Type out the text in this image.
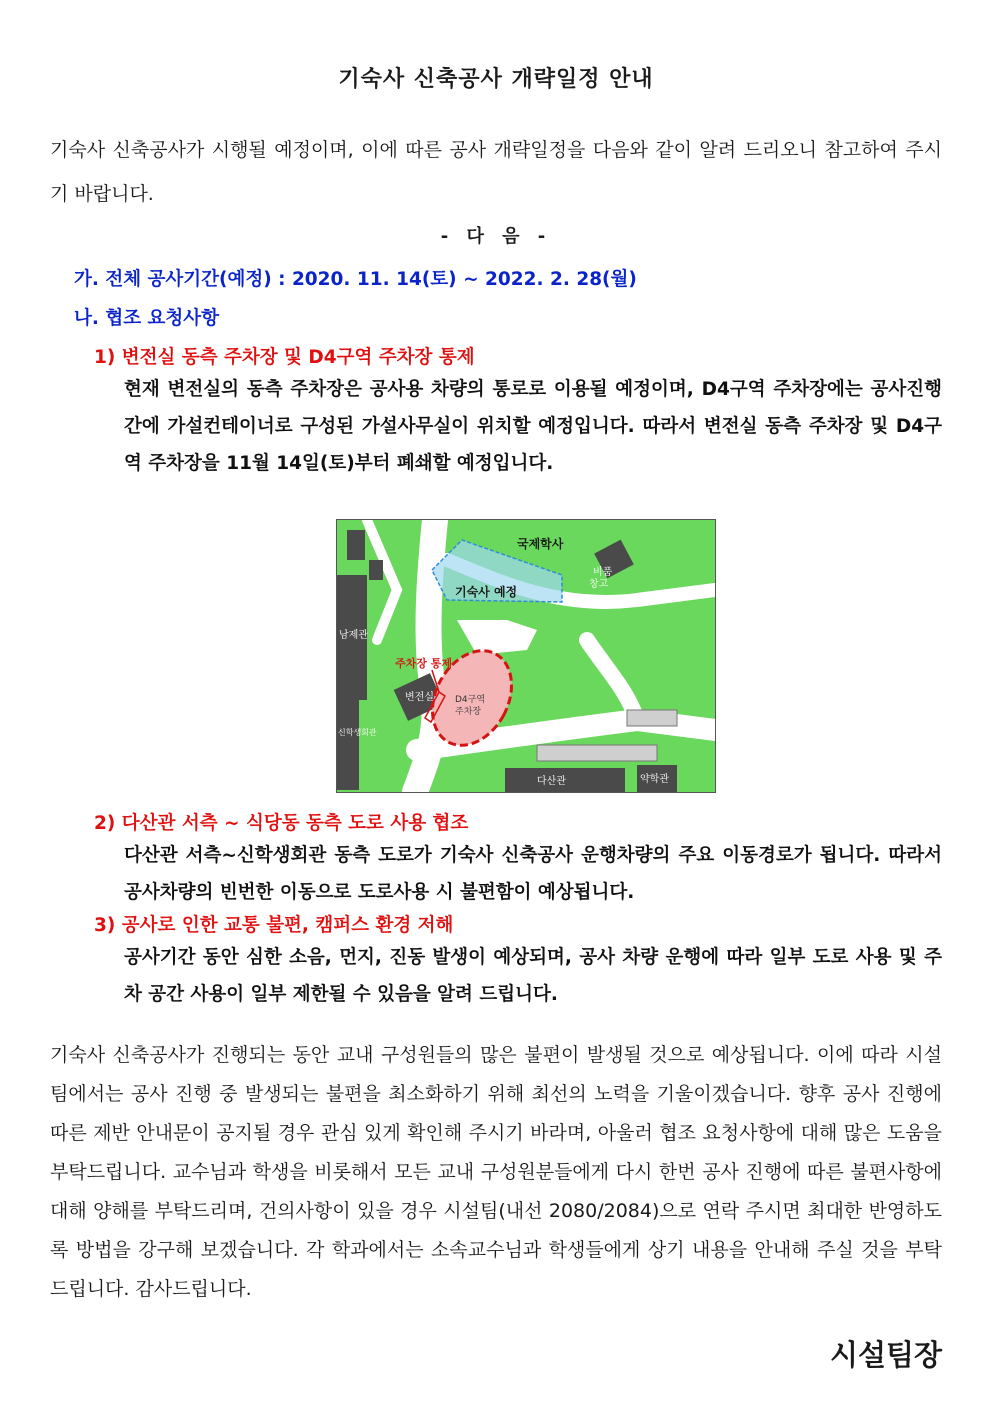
기숙사 신축공사 개략일정 안내
기숙사 신축공사가 시행될 예정이며, 이에 따른 공사 개략일정을 다음와 같이 알려 드리오니 참고하여 주시기 바랍니다.
- 다 음 -
가. 전체 공사기간(예정) : 2020. 11. 14(토) ~ 2022. 2. 28(월)
나. 협조 요청사항
1) 변전실 동측 주차장 및 D4구역 주차장 통제
현재 변전실의 동측 주차장은 공사용 차량의 통로로 이용될 예정이며, D4구역 주차장에는 공사진행 간에 가설컨테이너로 구성된 가설사무실이 위치할 예정입니다. 따라서 변전실 동측 주차장 및 D4구역 주차장을 11월 14일(토)부터 폐쇄할 예정입니다.
국제학사
기숙사 예정
비품
창고
남제관
주차장 통제
변전실 D4구역
주차장
신학생회관
다산관	약학관
2) 다산관 서측 ~ 식당동 동측 도로 사용 협조
다산관 서측~신학생회관 동측 도로가 기숙사 신축공사 운행차량의 주요 이동경로가 됩니다. 따라서 공사차량의 빈번한 이동으로 도로사용 시 불편함이 예상됩니다.
3) 공사로 인한 교통 불편, 캠퍼스 환경 저해
공사기간 동안 심한 소음, 먼지, 진동 발생이 예상되며, 공사 차량 운행에 따라 일부 도로 사용 및 주차 공간 사용이 일부 제한될 수 있음을 알려 드립니다.
기숙사 신축공사가 진행되는 동안 교내 구성원들의 많은 불편이 발생될 것으로 예상됩니다. 이에 따라 시설팀에서는 공사 진행 중 발생되는 불편을 최소화하기 위해 최선의 노력을 기울이겠습니다. 향후 공사 진행에 따른 제반 안내문이 공지될 경우 관심 있게 확인해 주시기 바라며, 아울러 협조 요청사항에 대해 많은 도움을 부탁드립니다. 교수님과 학생을 비롯해서 모든 교내 구성원분들에게 다시 한번 공사 진행에 따른 불편사항에 대해 양해를 부탁드리며, 건의사항이 있을 경우 시설팀(내선 2080/2084)으로 연락 주시면 최대한 반영하도록 방법을 강구해 보겠습니다. 각 학과에서는 소속교수님과 학생들에게 상기 내용을 안내해 주실 것을 부탁드립니다. 감사드립니다.
시설팀장
